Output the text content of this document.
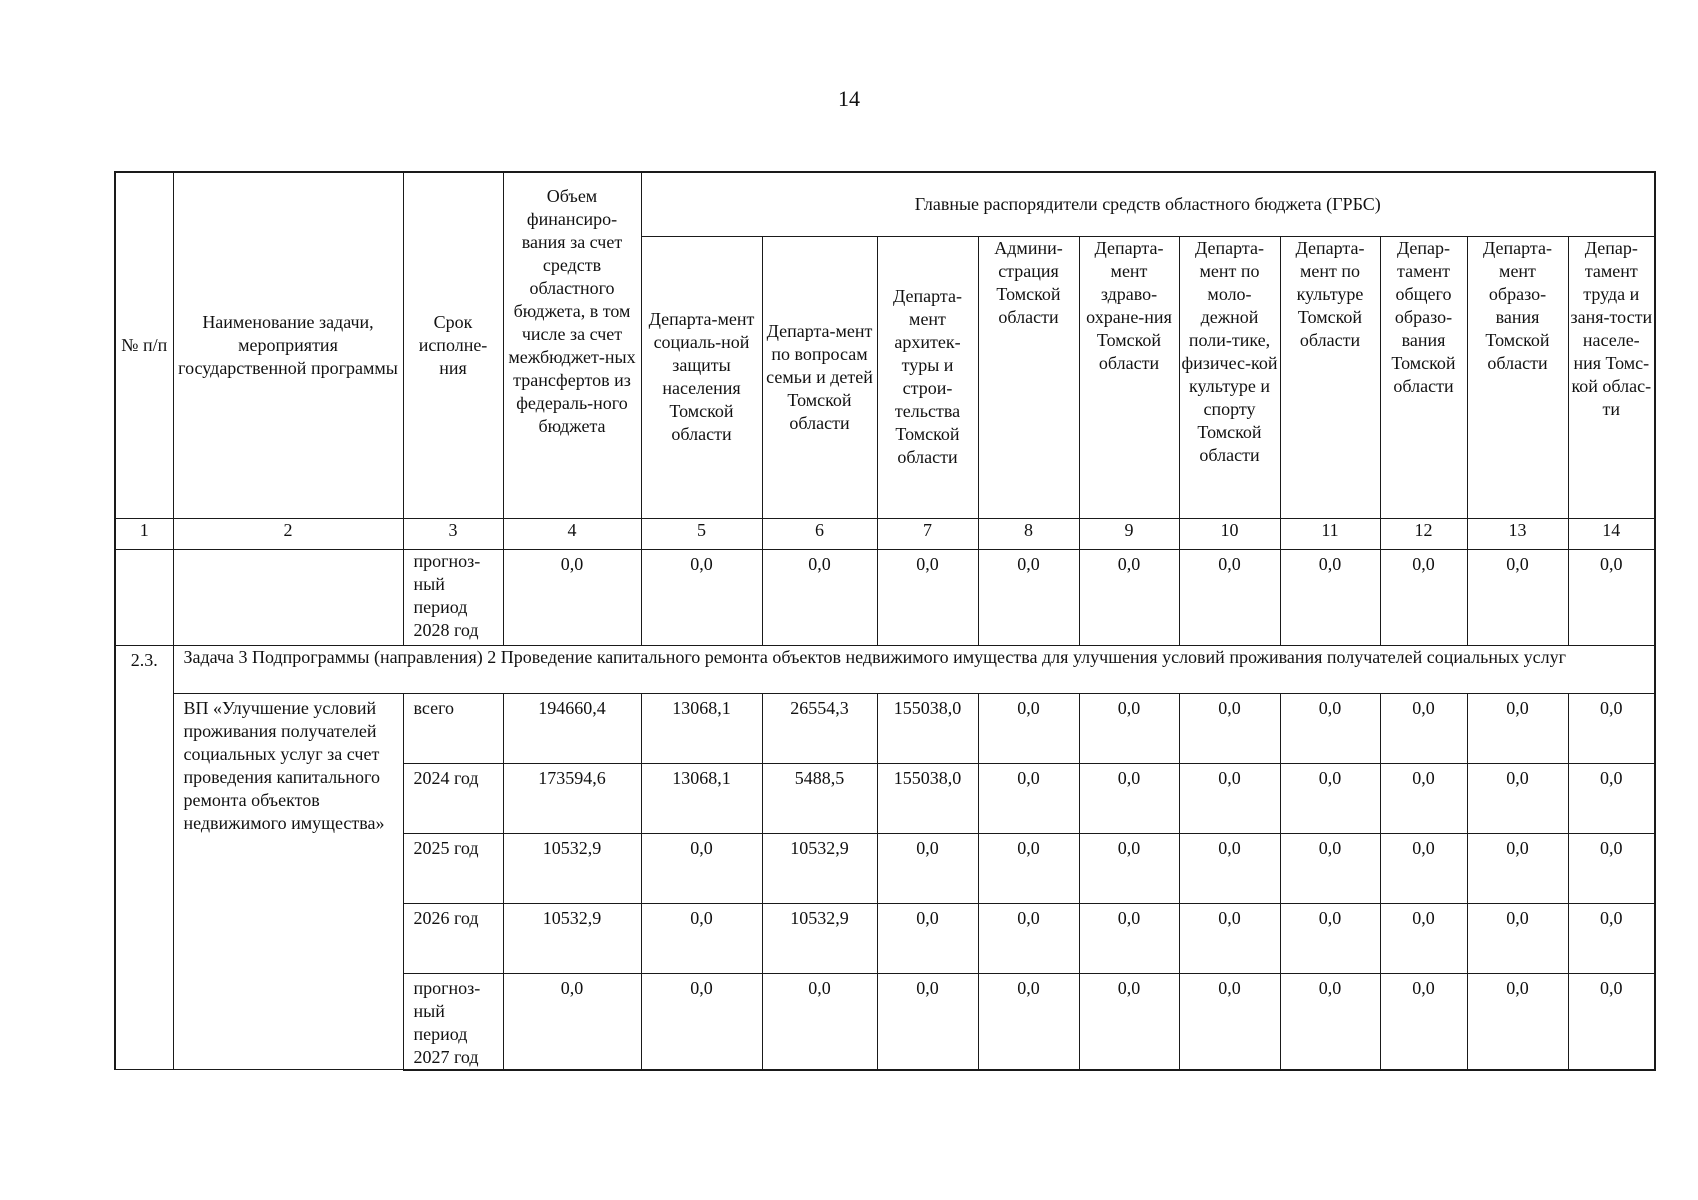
14
№ п/п	Наименование задачи, мероприятия государственной программы	Срок исполне-ния	Объем финансиро-вания за счет средств областного бюджета, в том числе за счет межбюджет-ных трансфертов из федераль-ного бюджета	Главные распорядители средств областного бюджета (ГРБС)									
				Департа-мент социаль-ной защиты населения Томской области	Департа-мент по вопросам семьи и детей Томской области	Департа-мент архитек-туры и строи-тельства Томской области	Админи-страция Томской области	Департа-мент здраво-охране-ния Томской области	Департа-мент по моло-дежной поли-тике, физичес-кой культуре и спорту Томской области	Департа-мент по культуре Томской области	Депар-тамент общего образо-вания Томской области	Департа-мент образо-вания Томской области	Депар-тамент труда и заня-тости населе-ния Томс-кой облас-ти
1	2	3	4	5	6	7	8	9	10	11	12	13	14
		прогноз-ный период 2028 год	0,0	0,0	0,0	0,0	0,0	0,0	0,0	0,0	0,0	0,0	0,0
2.3.	Задача 3 Подпрограммы (направления) 2 Проведение капитального ремонта объектов недвижимого имущества для улучшения условий проживания получателей социальных услуг												
	ВП «Улучшение условий проживания получателей социальных услуг за счет проведения капитального ремонта объектов недвижимого имущества»	всего	194660,4	13068,1	26554,3	155038,0	0,0	0,0	0,0	0,0	0,0	0,0	0,0
		2024 год	173594,6	13068,1	5488,5	155038,0	0,0	0,0	0,0	0,0	0,0	0,0	0,0
		2025 год	10532,9	0,0	10532,9	0,0	0,0	0,0	0,0	0,0	0,0	0,0	0,0
		2026 год	10532,9	0,0	10532,9	0,0	0,0	0,0	0,0	0,0	0,0	0,0	0,0
		прогноз-ный период 2027 год	0,0	0,0	0,0	0,0	0,0	0,0	0,0	0,0	0,0	0,0	0,0
